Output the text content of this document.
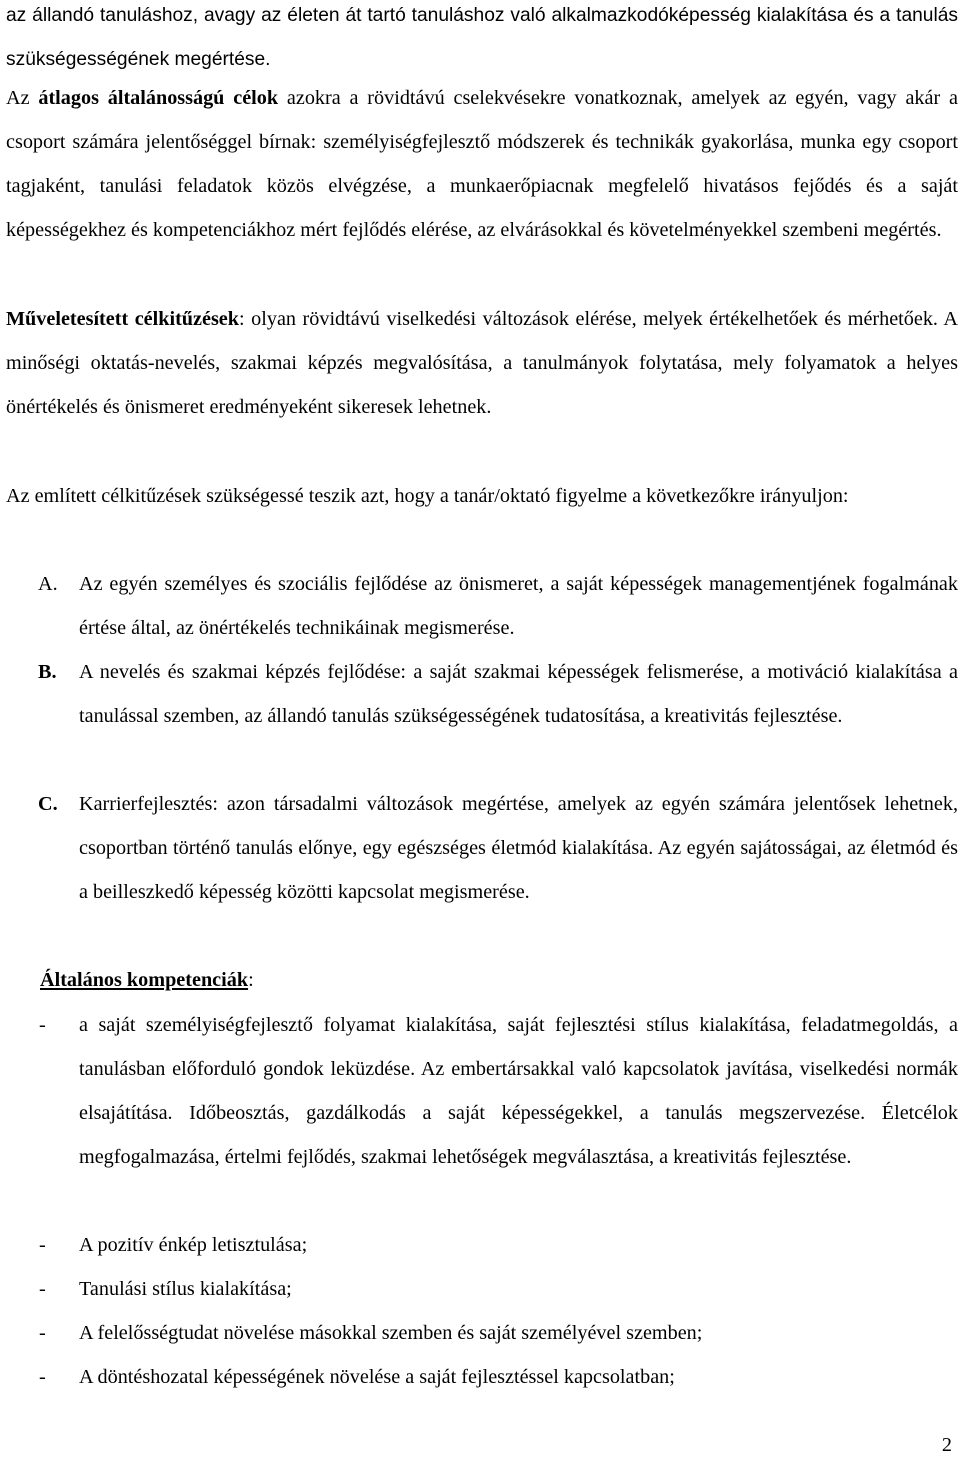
az állandó tanuláshoz, avagy az életen át tartó tanuláshoz való alkalmazkodóképesség kialakítása és a tanulás szükségességének megértése.

Az átlagos általánosságú célok azokra a rövidtávú cselekvésekre vonatkoznak, amelyek az egyén, vagy akár a csoport számára jelentőséggel bírnak: személyiségfejlesztő módszerek és technikák gyakorlása, munka egy csoport tagjaként, tanulási feladatok közös elvégzése, a munkaerőpiacnak megfelelő hivatásos fejődés és a saját képességekhez és kompetenciákhoz mért fejlődés elérése, az elvárásokkal és követelményekkel szembeni megértés.

Műveletesített célkitűzések: olyan rövidtávú viselkedési változások elérése, melyek értékelhetőek és mérhetőek. A minőségi oktatás-nevelés, szakmai képzés megvalósítása, a tanulmányok folytatása, mely folyamatok a helyes önértékelés és önismeret eredményeként sikeresek lehetnek.

Az említett célkitűzések szükségessé teszik azt, hogy a tanár/oktató figyelme a következőkre irányuljon:

A.	Az egyén személyes és szociális fejlődése az önismeret, a saját képességek managementjének fogalmának értése által, az önértékelés technikáinak megismerése.
B.	A nevelés és szakmai képzés fejlődése: a saját szakmai képességek felismerése, a motiváció kialakítása a tanulással szemben, az állandó tanulás szükségességének tudatosítása, a kreativitás fejlesztése.
C.	Karrierfejlesztés: azon társadalmi változások megértése, amelyek az egyén számára jelentősek lehetnek, csoportban történő tanulás előnye, egy egészséges életmód kialakítása. Az egyén sajátosságai, az életmód és a beilleszkedő képesség közötti kapcsolat megismerése.

Általános kompetenciák:

-	a saját személyiségfejlesztő folyamat kialakítása, saját fejlesztési stílus kialakítása, feladatmegoldás, a tanulásban előforduló gondok leküzdése. Az embertársakkal való kapcsolatok javítása, viselkedési normák elsajátítása. Időbeosztás, gazdálkodás a saját képességekkel, a tanulás megszervezése. Életcélok megfogalmazása, értelmi fejlődés, szakmai lehetőségek megválasztása, a kreativitás fejlesztése.
-	A pozitív énkép letisztulása;
-	Tanulási stílus kialakítása;
-	A felelősségtudat növelése másokkal szemben és saját személyével szemben;
-	A döntéshozatal képességének növelése a saját fejlesztéssel kapcsolatban;
2
